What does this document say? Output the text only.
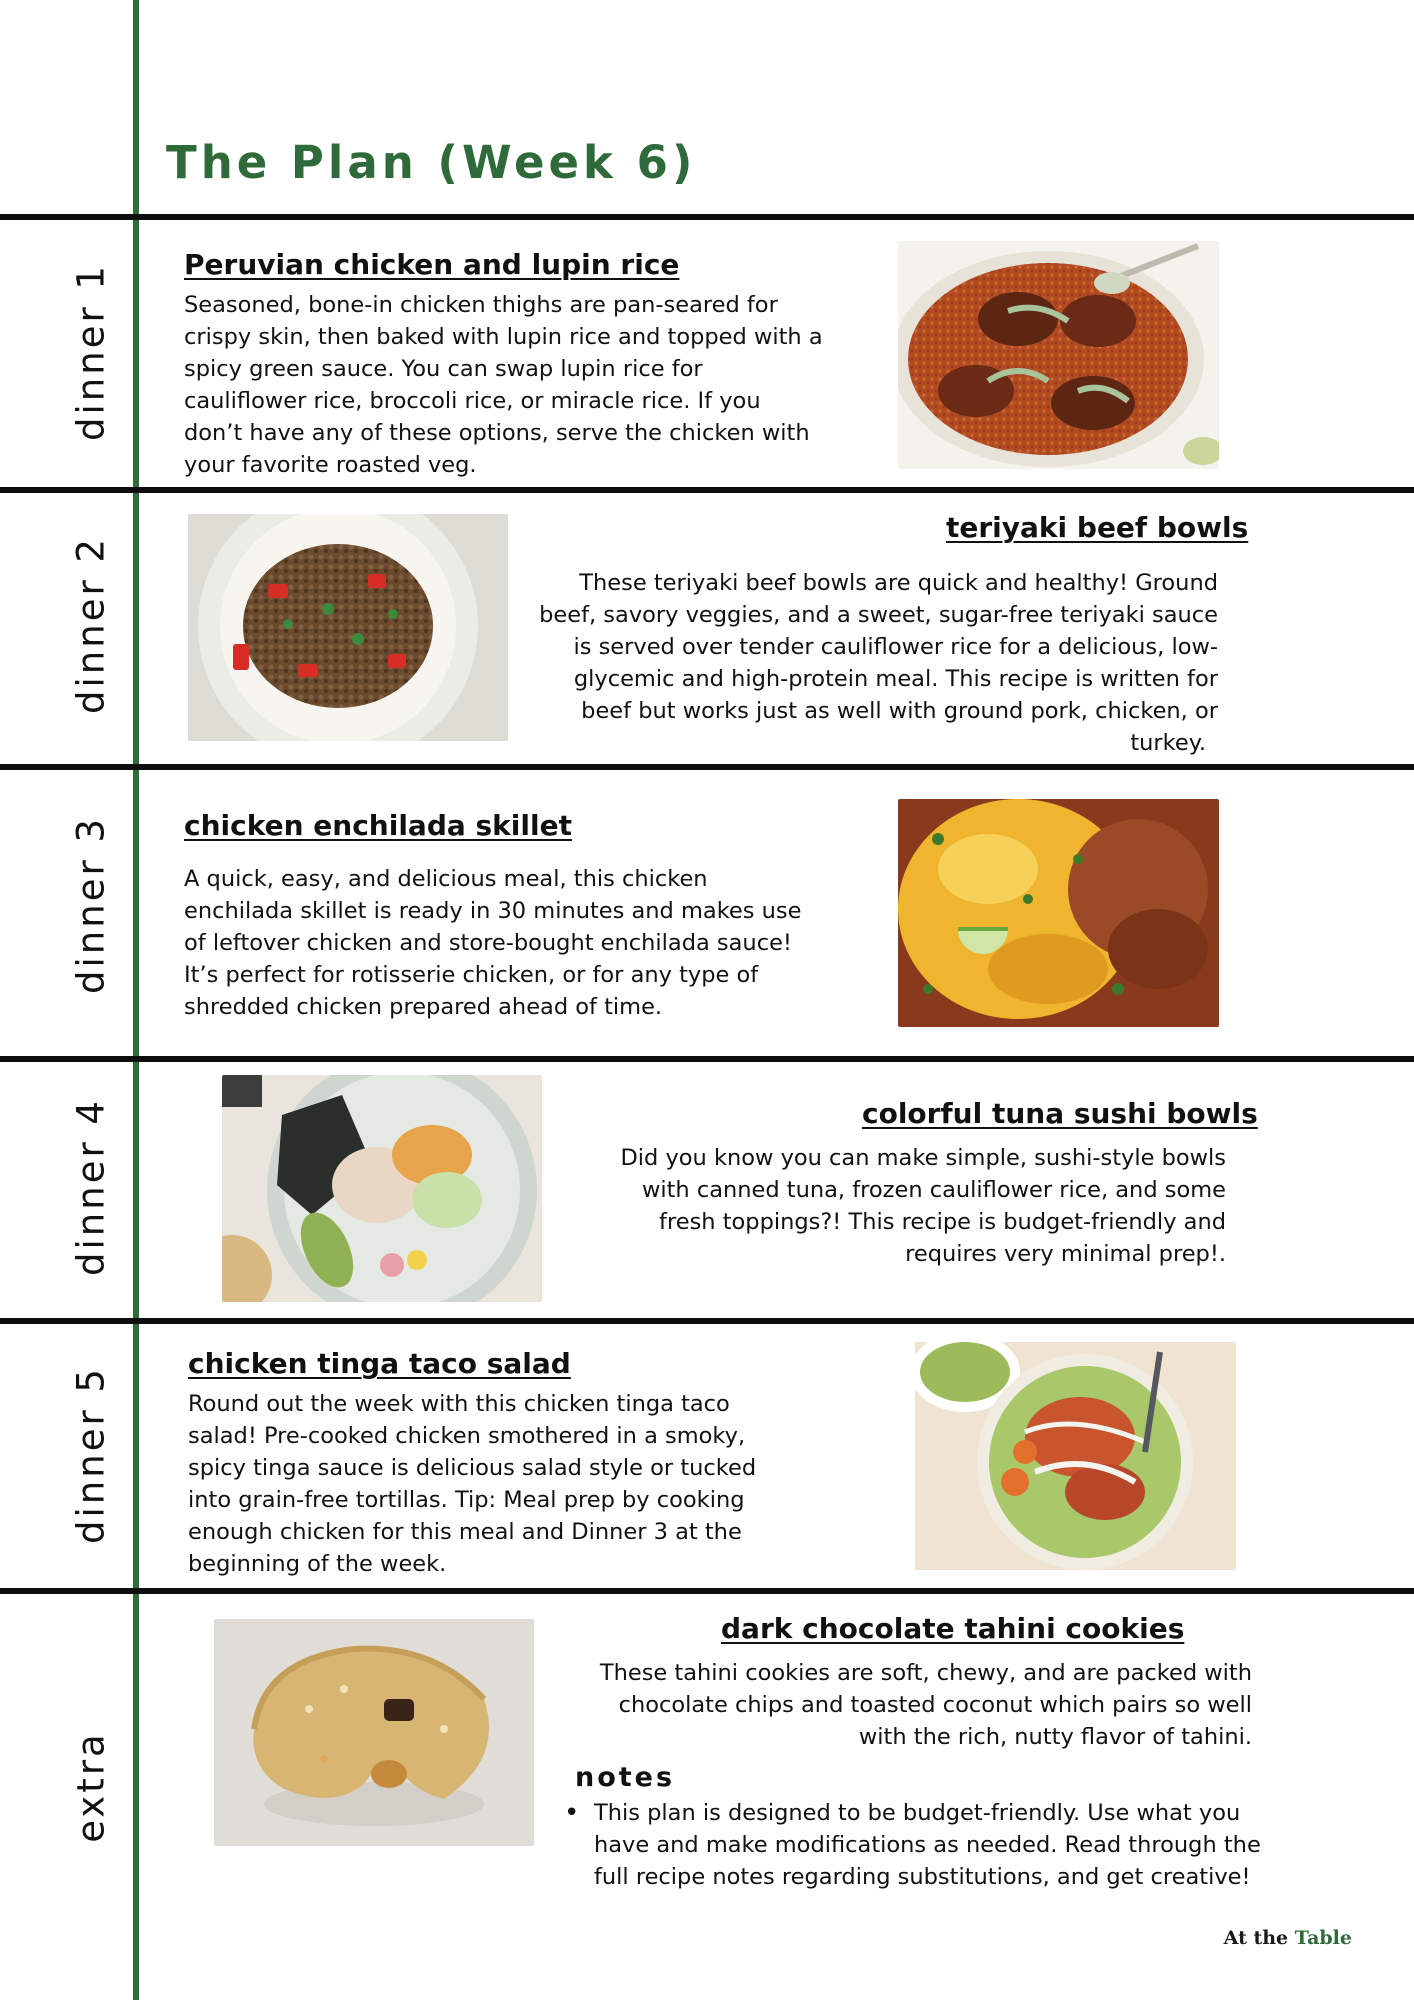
The Plan (Week 6)
dinner 1
dinner 2
dinner 3
dinner 4
dinner 5
extra
Peruvian chicken and lupin rice
Seasoned, bone-in chicken thighs are pan-seared for
crispy skin, then baked with lupin rice and topped with a
spicy green sauce. You can swap lupin rice for
cauliflower rice, broccoli rice, or miracle rice. If you
don’t have any of these options, serve the chicken with
your favorite roasted veg.
teriyaki beef bowls
These teriyaki beef bowls are quick and healthy! Ground
beef, savory veggies, and a sweet, sugar-free teriyaki sauce
is served over tender cauliflower rice for a delicious, low-
glycemic and high-protein meal. This recipe is written for
beef but works just as well with ground pork, chicken, or
turkey.
chicken enchilada skillet
A quick, easy, and delicious meal, this chicken
enchilada skillet is ready in 30 minutes and makes use
of leftover chicken and store-bought enchilada sauce!
It’s perfect for rotisserie chicken, or for any type of
shredded chicken prepared ahead of time.
colorful tuna sushi bowls
Did you know you can make simple, sushi-style bowls
with canned tuna, frozen cauliflower rice, and some
fresh toppings?! This recipe is budget-friendly and
requires very minimal prep!.
chicken tinga taco salad
Round out the week with this chicken tinga taco
salad! Pre-cooked chicken smothered in a smoky,
spicy tinga sauce is delicious salad style or tucked
into grain-free tortillas. Tip: Meal prep by cooking
enough chicken for this meal and Dinner 3 at the
beginning of the week.
dark chocolate tahini cookies
These tahini cookies are soft, chewy, and are packed with
chocolate chips and toasted coconut which pairs so well
with the rich, nutty flavor of tahini.
notes
• This plan is designed to be budget-friendly. Use what you
have and make modifications as needed. Read through the
full recipe notes regarding substitutions, and get creative!
At the Table
